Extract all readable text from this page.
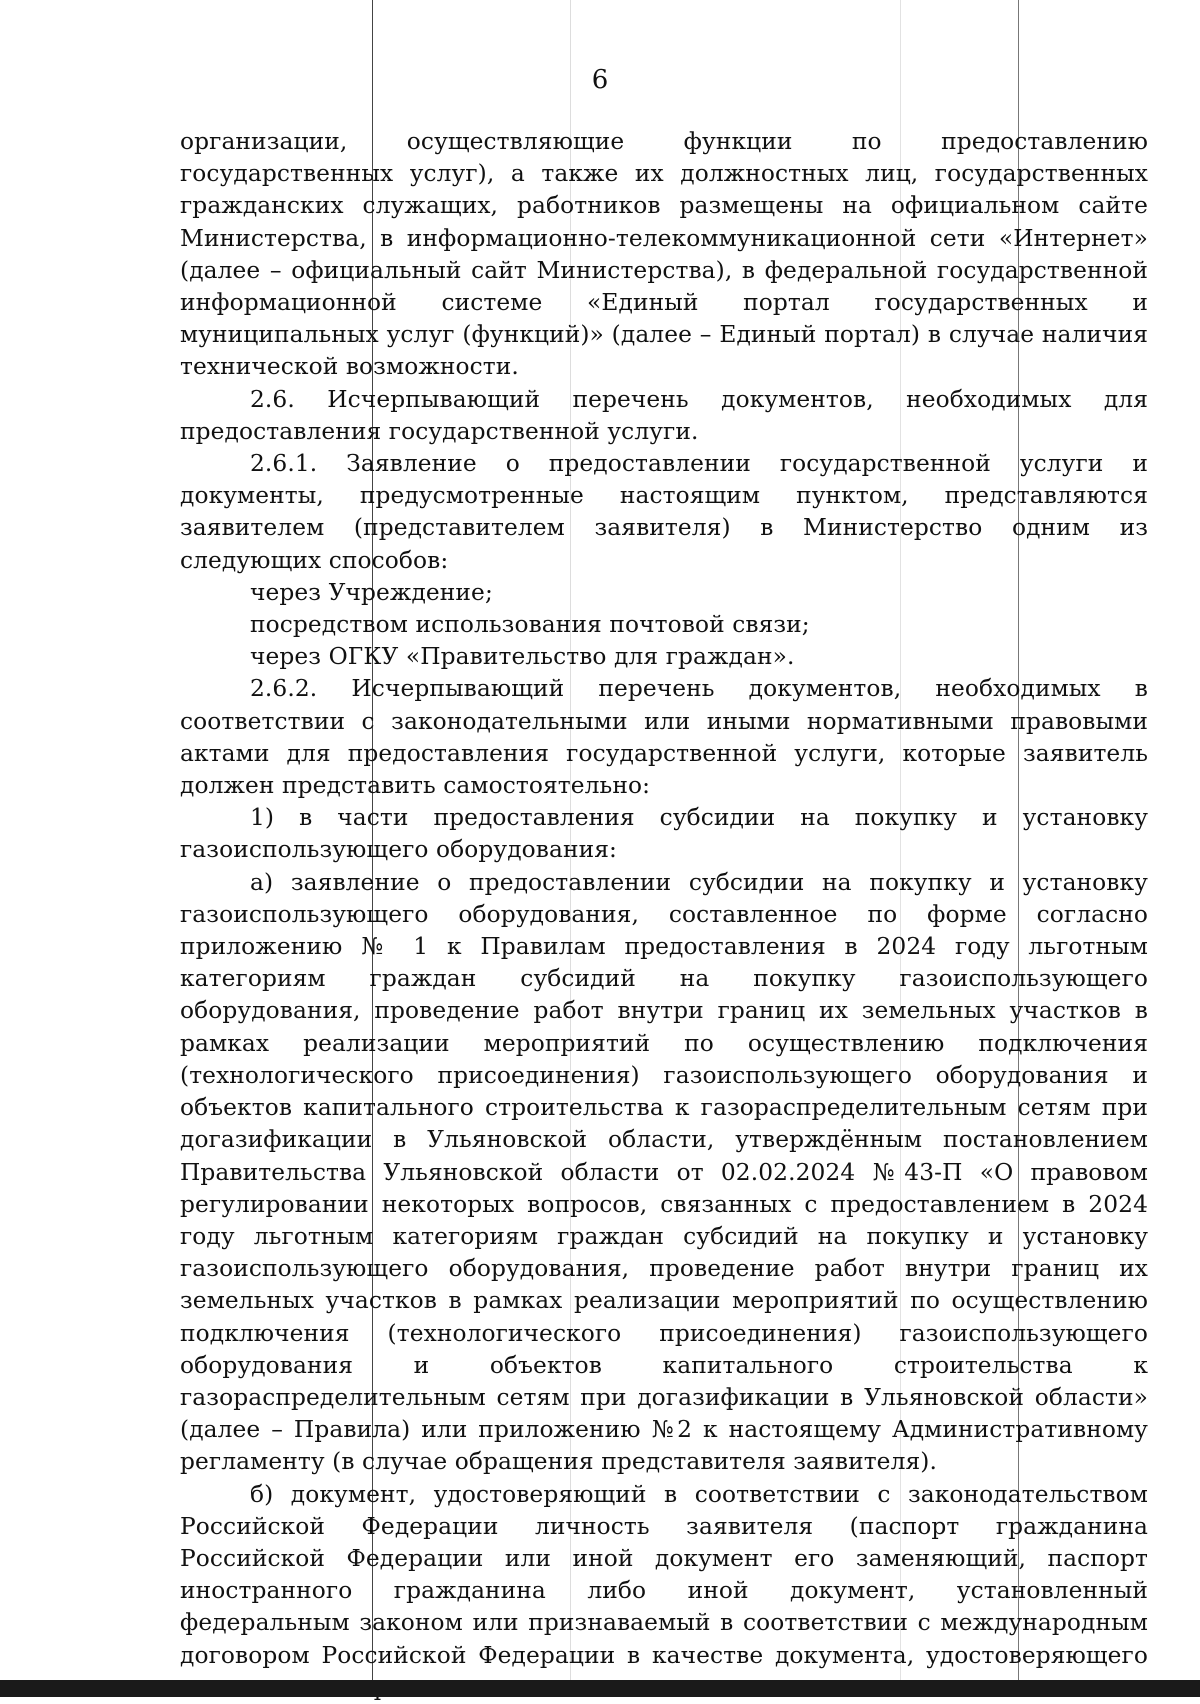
6

организации, осуществляющие функции по предоставлению государственных услуг), а также их должностных лиц, государственных гражданских служащих, работников размещены на официальном сайте Министерства, в информационно-телекоммуникационной сети «Интернет» (далее – официальный сайт Министерства), в федеральной государственной информационной системе «Единый портал государственных и муниципальных услуг (функций)» (далее – Единый портал) в случае наличия технической возможности.

2.6. Исчерпывающий перечень документов, необходимых для предоставления государственной услуги.

2.6.1. Заявление о предоставлении государственной услуги и документы, предусмотренные настоящим пунктом, представляются заявителем (представителем заявителя) в Министерство одним из следующих способов:

через Учреждение;

посредством использования почтовой связи;

через ОГКУ «Правительство для граждан».

2.6.2. Исчерпывающий перечень документов, необходимых в соответствии с законодательными или иными нормативными правовыми актами для предоставления государственной услуги, которые заявитель должен представить самостоятельно:

1) в части предоставления субсидии на покупку и установку газоиспользующего оборудования:

а) заявление о предоставлении субсидии на покупку и установку газоиспользующего оборудования, составленное по форме согласно приложению № 1 к Правилам предоставления в 2024 году льготным категориям граждан субсидий на покупку газоиспользующего оборудования, проведение работ внутри границ их земельных участков в рамках реализации мероприятий по осуществлению подключения (технологического присоединения) газоиспользующего оборудования и объектов капитального строительства к газораспределительным сетям при догазификации в Ульяновской области, утверждённым постановлением Правительства Ульяновской области от 02.02.2024 №43-П «О правовом регулировании некоторых вопросов, связанных с предоставлением в 2024 году льготным категориям граждан субсидий на покупку и установку газоиспользующего оборудования, проведение работ внутри границ их земельных участков в рамках реализации мероприятий по осуществлению подключения (технологического присоединения) газоиспользующего оборудования и объектов капитального строительства к газораспределительным сетям при догазификации в Ульяновской области» (далее – Правила) или приложению №2 к настоящему Административному регламенту (в случае обращения представителя заявителя).

б) документ, удостоверяющий в соответствии с законодательством Российской Федерации личность заявителя (паспорт гражданина Российской Федерации или иной документ его заменяющий, паспорт иностранного гражданина либо иной документ, установленный федеральным законом или признаваемый в соответствии с международным договором Российской Федерации в качестве документа, удостоверяющего
